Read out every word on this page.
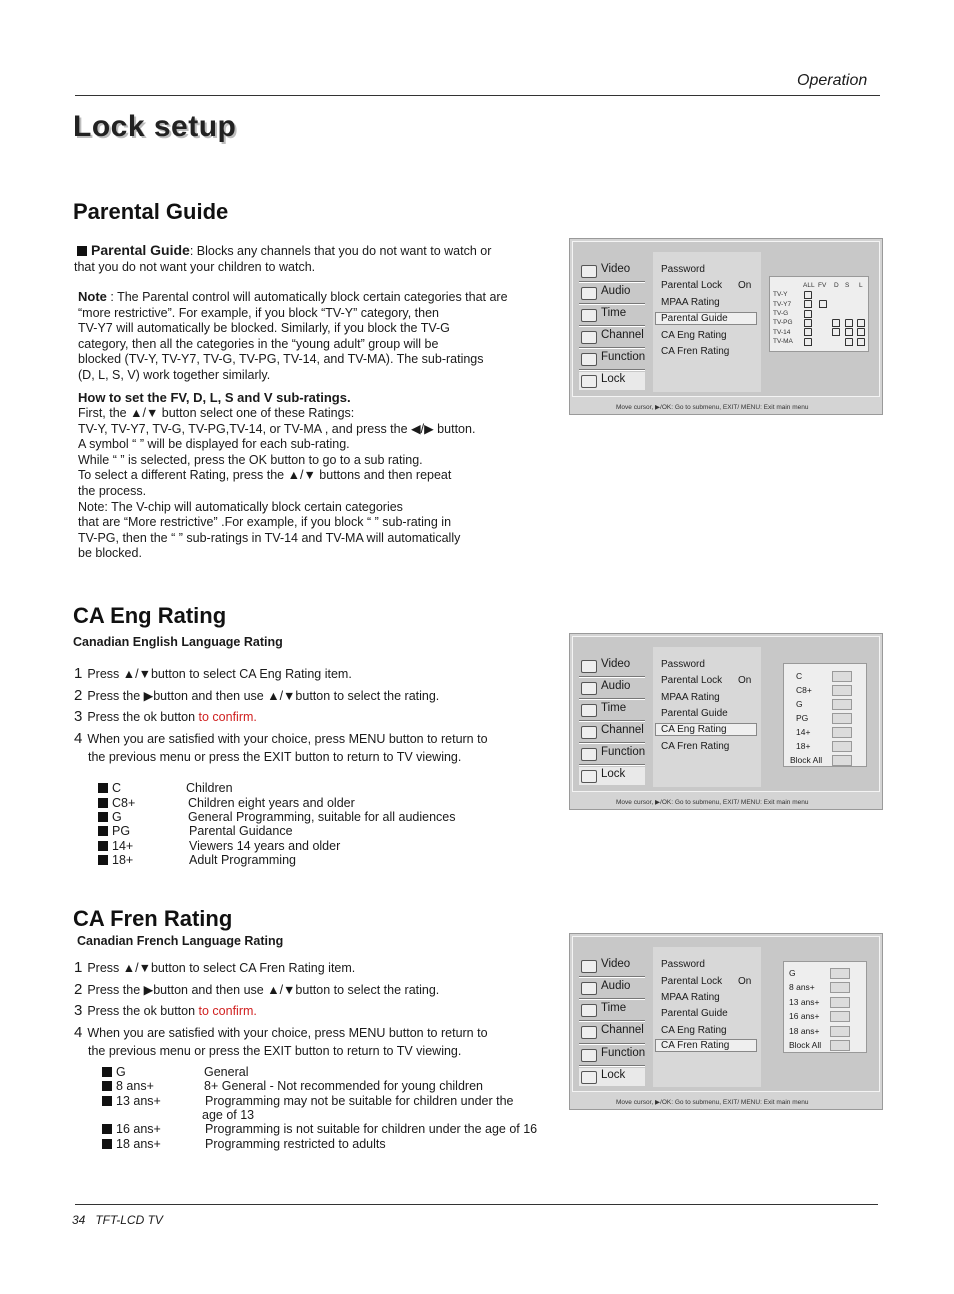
Operation
Lock setup
Parental Guide
Parental Guide: Blocks any channels that you do not want to watch or
that you do not want your children to watch.
Note : The Parental control will automatically block certain categories that are
“more restrictive”. For example, if you block “TV-Y” category, then
TV-Y7 will automatically be blocked. Similarly, if you block the TV-G
category, then all the categories in the “young adult” group will be
blocked (TV-Y, TV-Y7, TV-G, TV-PG, TV-14, and TV-MA). The sub-ratings
(D, L, S, V) work together similarly.
How to set the FV, D, L, S and V sub-ratings.
First, the ▲/▼ button select one of these Ratings:
TV-Y, TV-Y7, TV-G, TV-PG,TV-14, or TV-MA , and press the ◀/▶ button.
A symbol “ ” will be displayed for each sub-rating.
While “ ” is selected, press the OK button to go to a sub rating.
To select a different Rating, press the ▲/▼ buttons and then repeat
the process.
Note: The V-chip will automatically block certain categories
that are “More restrictive” .For example, if you block “ ” sub-rating in
TV-PG, then the “ ” sub-ratings in TV-14 and TV-MA will automatically
be blocked.
Video
Audio
Time
Channel
Function
Lock
Password
Parental Lock On
MPAA Rating
Parental Guide
CA Eng Rating
CA Fren Rating
ALL FV D S L
TV-Y
TV-Y7
TV-G
TV-PG
TV-14
TV-MA
Move cursor, ▶/OK: Go to submenu, EXIT/ MENU: Exit main menu
CA Eng Rating
Canadian English Language Rating
1 Press ▲/▼button to select CA Eng Rating item.
2 Press the ▶button and then use ▲/▼button to select the rating.
3 Press the ok button to confirm.
4 When you are satisfied with your choice, press MENU button to return to
the previous menu or press the EXIT button to return to TV viewing.
C	Children
C8+	Children eight years and older
G	General Programming, suitable for all audiences
PG	Parental Guidance
14+	Viewers 14 years and older
18+	Adult Programming
Video
Audio
Time
Channel
Function
Lock
Password
Parental Lock On
MPAA Rating
Parental Guide
CA Eng Rating
CA Fren Rating
C
C8+
G
PG
14+
18+
Block All
Move cursor, ▶/OK: Go to submenu, EXIT/ MENU: Exit main menu
CA Fren Rating
Canadian French Language Rating
1 Press ▲/▼button to select CA Fren Rating item.
2 Press the ▶button and then use ▲/▼button to select the rating.
3 Press the ok button to confirm.
4 When you are satisfied with your choice, press MENU button to return to
the previous menu or press the EXIT button to return to TV viewing.
G	General
8 ans+	8+ General - Not recommended for young children
13 ans+	Programming may not be suitable for children under the
age of 13
16 ans+	Programming is not suitable for children under the age of 16
18 ans+	Programming restricted to adults
Video
Audio
Time
Channel
Function
Lock
Password
Parental Lock On
MPAA Rating
Parental Guide
CA Eng Rating
CA Fren Rating
G
8 ans+
13 ans+
16 ans+
18 ans+
Block All
Move cursor, ▶/OK: Go to submenu, EXIT/ MENU: Exit main menu
34   TFT-LCD TV
